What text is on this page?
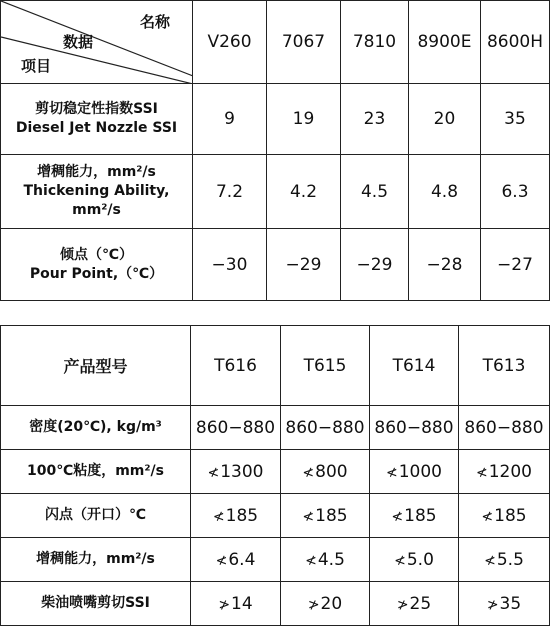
名称
数据
项目	V260	7067	7810	8900E	8600H

剪切稳定性指数SSI
Diesel Jet Nozzle SSI	9	19	23	20	35

增稠能力，mm²/s
Thickening Ability,
mm²/s	7.2	4.2	4.5	4.8	6.3

倾点（℃）
Pour Point,（℃）	−30	−29	−29	−28	−27
产品型号	T616	T615	T614	T613
密度(20℃), kg/m³	860−880	860−880	860−880	860−880
100℃粘度，mm²/s	≮1300	≮800	≮1000	≮1200
闪点（开口）℃	≮185	≮185	≮185	≮185
增稠能力，mm²/s	≮6.4	≮4.5	≮5.0	≮5.5
柴油喷嘴剪切SSI	≯14	≯20	≯25	≯35
